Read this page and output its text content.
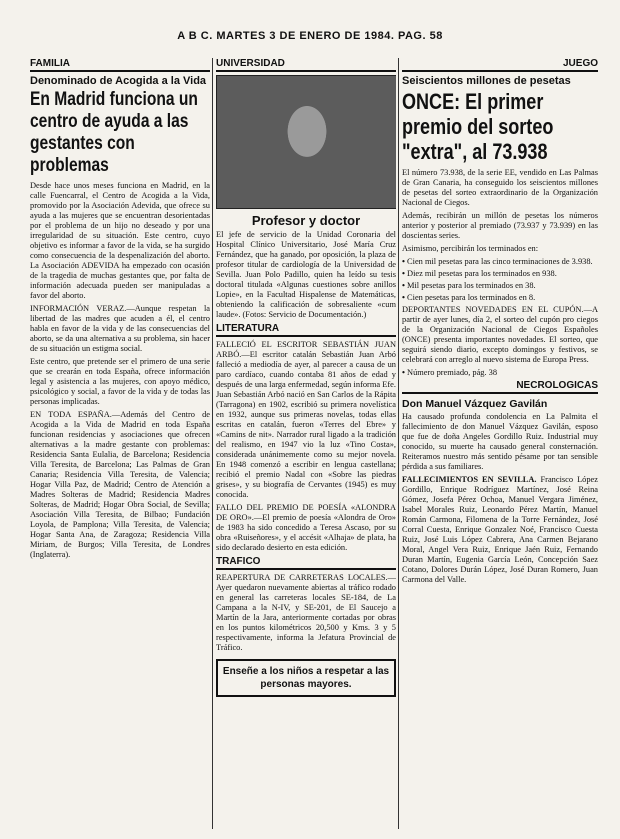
A B C. MARTES 3 DE ENERO DE 1984. PAG. 58
FAMILIA
Denominado de Acogida a la Vida
En Madrid funciona un centro de ayuda a las gestantes con problemas

Desde hace unos meses funciona en Madrid, en la calle Fuencarral, el Centro de Acogida a la Vida, promovido por la Asociación Adevida, que ofrece su ayuda a las mujeres que se encuentran desorientadas por el problema de un hijo no deseado y por una irregularidad de su situación. Este centro, cuyo objetivo es informar a favor de la vida, se ha surgido como consecuencia de la despenalización del aborto. La Asociación ADEVIDA ha empezado con ocasión de la tragedia de muchas gestantes que, por falta de información adecuada pueden ser manipuladas a favor del aborto.

INFORMACIÓN VERAZ.—Aunque respetan la libertad de las madres que acuden a él, el centro habla en favor de la vida y de las consecuencias del aborto, se da una alternativa a su problema, sin hacer de su situación un estigma social.

Este centro, que pretende ser el primero de una serie que se crearán en toda España, ofrece información legal y asistencia a las mujeres, con apoyo médico, psicológico y social, a favor de la vida y de todas las personas implicadas.

EN TODA ESPAÑA.—Además del Centro de Acogida a la Vida de Madrid en toda España funcionan residencias y asociaciones que ofrecen alternativas a la madre gestante con problemas: Residencia Santa Eulalia, de Barcelona; Residencia Villa Teresita, de Barcelona; Las Palmas de Gran Canaria; Residencia Villa Teresita, de Valencia; Hogar Villa Paz, de Madrid; Centro de Atención a Madres Solteras de Madrid; Residencia Madres Solteras, de Madrid; Hogar Obra Social, de Sevilla; Asociación Villa Teresita, de Bilbao; Fundación Loyola, de Pamplona; Villa Teresita, de Valencia; Hogar Santa Ana, de Zaragoza; Residencia Villa Miriam, de Burgos; Villa Teresita, de Londres (Inglaterra).

UNIVERSIDAD
Profesor y doctor

El jefe de servicio de la Unidad Coronaria del Hospital Clínico Universitario, José María Cruz Fernández, que ha ganado, por oposición, la plaza de profesor titular de cardiología de la Universidad de Sevilla. Juan Polo Padillo, quien ha leído su tesis doctoral titulada «Algunas cuestiones sobre anillos Lopie», en la Facultad Hispalense de Matemáticas, obteniendo la calificación de sobresaliente «cum laude». (Fotos: Servicio de Documentación.)

LITERATURA

FALLECIÓ EL ESCRITOR SEBASTIÁN JUAN ARBÓ.—El escritor catalán Sebastián Juan Arbó falleció a mediodía de ayer, al parecer a causa de un paro cardíaco, cuando contaba 81 años de edad y después de una larga enfermedad, según informa Efe. Juan Sebastián Arbó nació en San Carlos de la Rápita (Tarragona) en 1902, escribió su primera novelística en 1932, aunque sus primeras novelas, todas ellas escritas en catalán, fueron «Terres del Ebre» y «Camins de nit». Narrador rural ligado a la tradición del realismo, en 1947 vio la luz «Tino Costa», considerada unánimemente como su mejor novela. En 1948 comenzó a escribir en lengua castellana; recibió el premio Nadal con «Sobre las piedras grises», y su biografía de Cervantes (1945) es muy conocida.

FALLO DEL PREMIO DE POESÍA «ALONDRA DE ORO».—El premio de poesía «Alondra de Oro» de 1983 ha sido concedido a Teresa Ascaso, por su obra «Ruiseñores», y el accésit «Alhaja» de plata, ha sido declarado desierto en esta edición.

TRAFICO

REAPERTURA DE CARRETERAS LOCALES.—Ayer quedaron nuevamente abiertas al tráfico rodado en general las carreteras locales SE-184, de La Campana a la N-IV, y SE-201, de El Saucejo a Martín de la Jara, anteriormente cortadas por obras en los puntos kilométricos 20,500 y Kms. 3 y 5 respectivamente, informa la Jefatura Provincial de Tráfico.

Enseñe a los niños a respetar a las personas mayores.
JUEGO
Seiscientos millones de pesetas
ONCE: El primer premio del sorteo "extra", al 73.938

El número 73.938, de la serie EE, vendido en Las Palmas de Gran Canaria, ha conseguido los seiscientos millones de pesetas del sorteo extraordinario de la Organización Nacional de Ciegos.

Además, recibirán un millón de pesetas los números anterior y posterior al premiado (73.937 y 73.939) en las doscientas series.

Asimismo, percibirán los terminados en:

• Cien mil pesetas para las cinco terminaciones de 3.938.
• Diez mil pesetas para los terminados en 938.
• Mil pesetas para los terminados en 38.
• Cien pesetas para los terminados en 8.

DEPORTANTES NOVEDADES EN EL CUPÓN.—A partir de ayer lunes, día 2, el sorteo del cupón pro ciegos de la Organización Nacional de Ciegos Españoles (ONCE) presenta importantes novedades. El sorteo, que seguirá siendo diario, excepto domingos y festivos, se celebrará con arreglo al nuevo sistema de Europa Press.

• Número premiado, pág. 38
NECROLOGICAS
Don Manuel Vázquez Gavilán

Ha causado profunda condolencia en La Palmita el fallecimiento de don Manuel Vázquez Gavilán, esposo que fue de doña Angeles Gordillo Ruiz. Industrial muy conocido, su muerte ha causado general consternación. Reiteramos nuestro más sentido pésame por tan sensible pérdida a sus familiares.

FALLECIMIENTOS EN SEVILLA. Francisco López Gordillo, Enrique Rodríguez Martínez, José Reina Gómez, Josefa Pérez Ochoa, Manuel Vergara Jiménez, Isabel Morales Ruiz, Leonardo Pérez Martín, Manuel Román Carmona, Filomena de la Torre Fernández, José Corral Cuesta, Enrique Gonzalez Noé, Francisco Cuesta Ruiz, José Luis López Cabrera, Ana Carmen Bejarano Moral, Angel Vera Ruiz, Enrique Jaén Ruiz, Fernando Duran Martín, Eugenia García León, Concepción Saez Cotano, Dolores Durán López, José Duran Romero, Juan Carmona del Valle.
